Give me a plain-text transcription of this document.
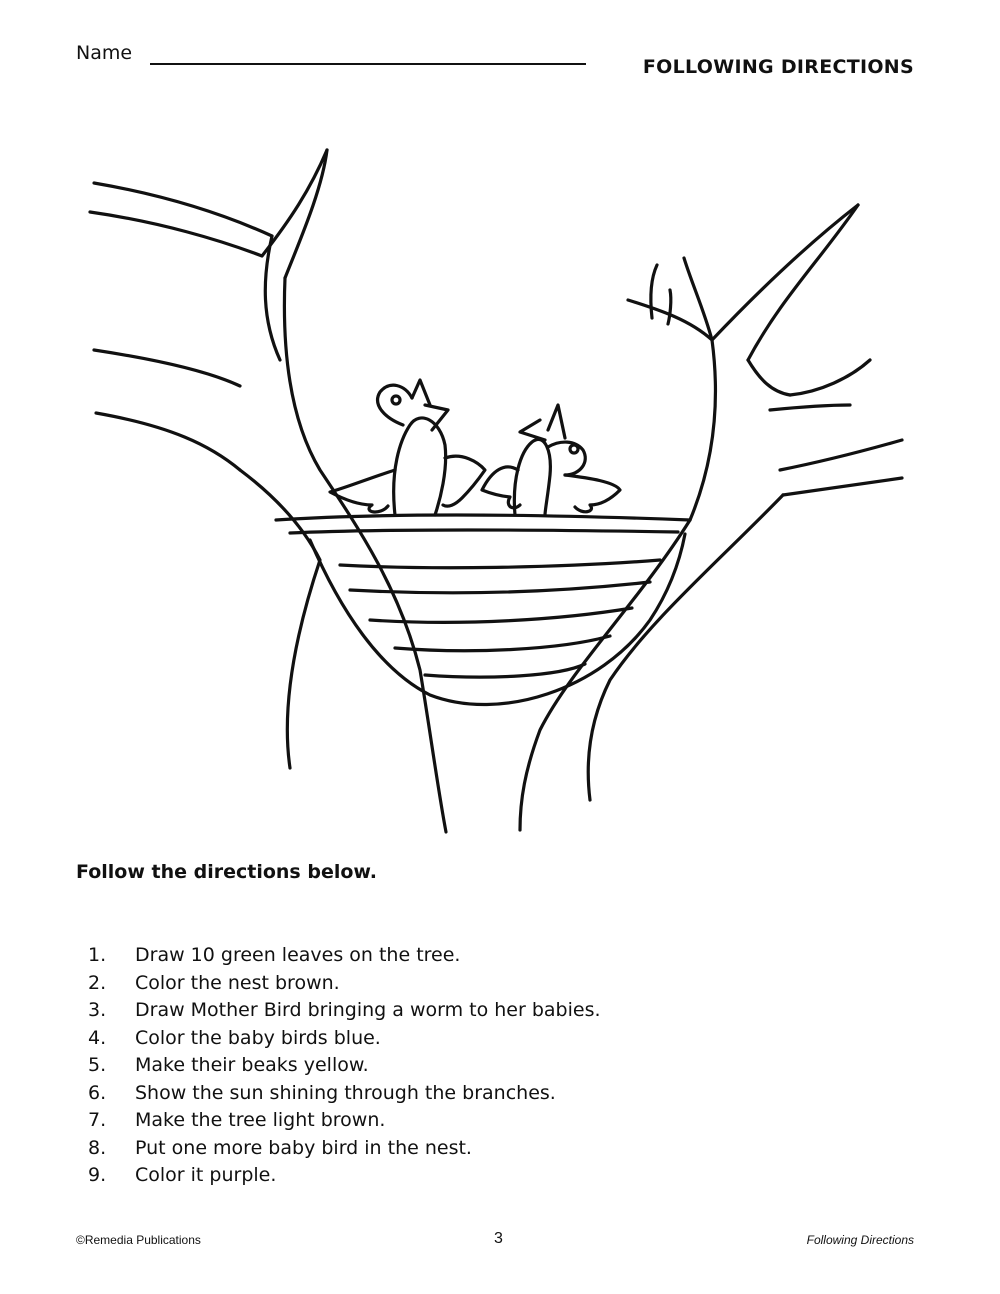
Name
FOLLOWING DIRECTIONS
Follow the directions below.
1. Draw 10 green leaves on the tree.
2. Color the nest brown.
3. Draw Mother Bird bringing a worm to her babies.
4. Color the baby birds blue.
5. Make their beaks yellow.
6. Show the sun shining through the branches.
7. Make the tree light brown.
8. Put one more baby bird in the nest.
9. Color it purple.
©Remedia Publications	3	Following Directions
